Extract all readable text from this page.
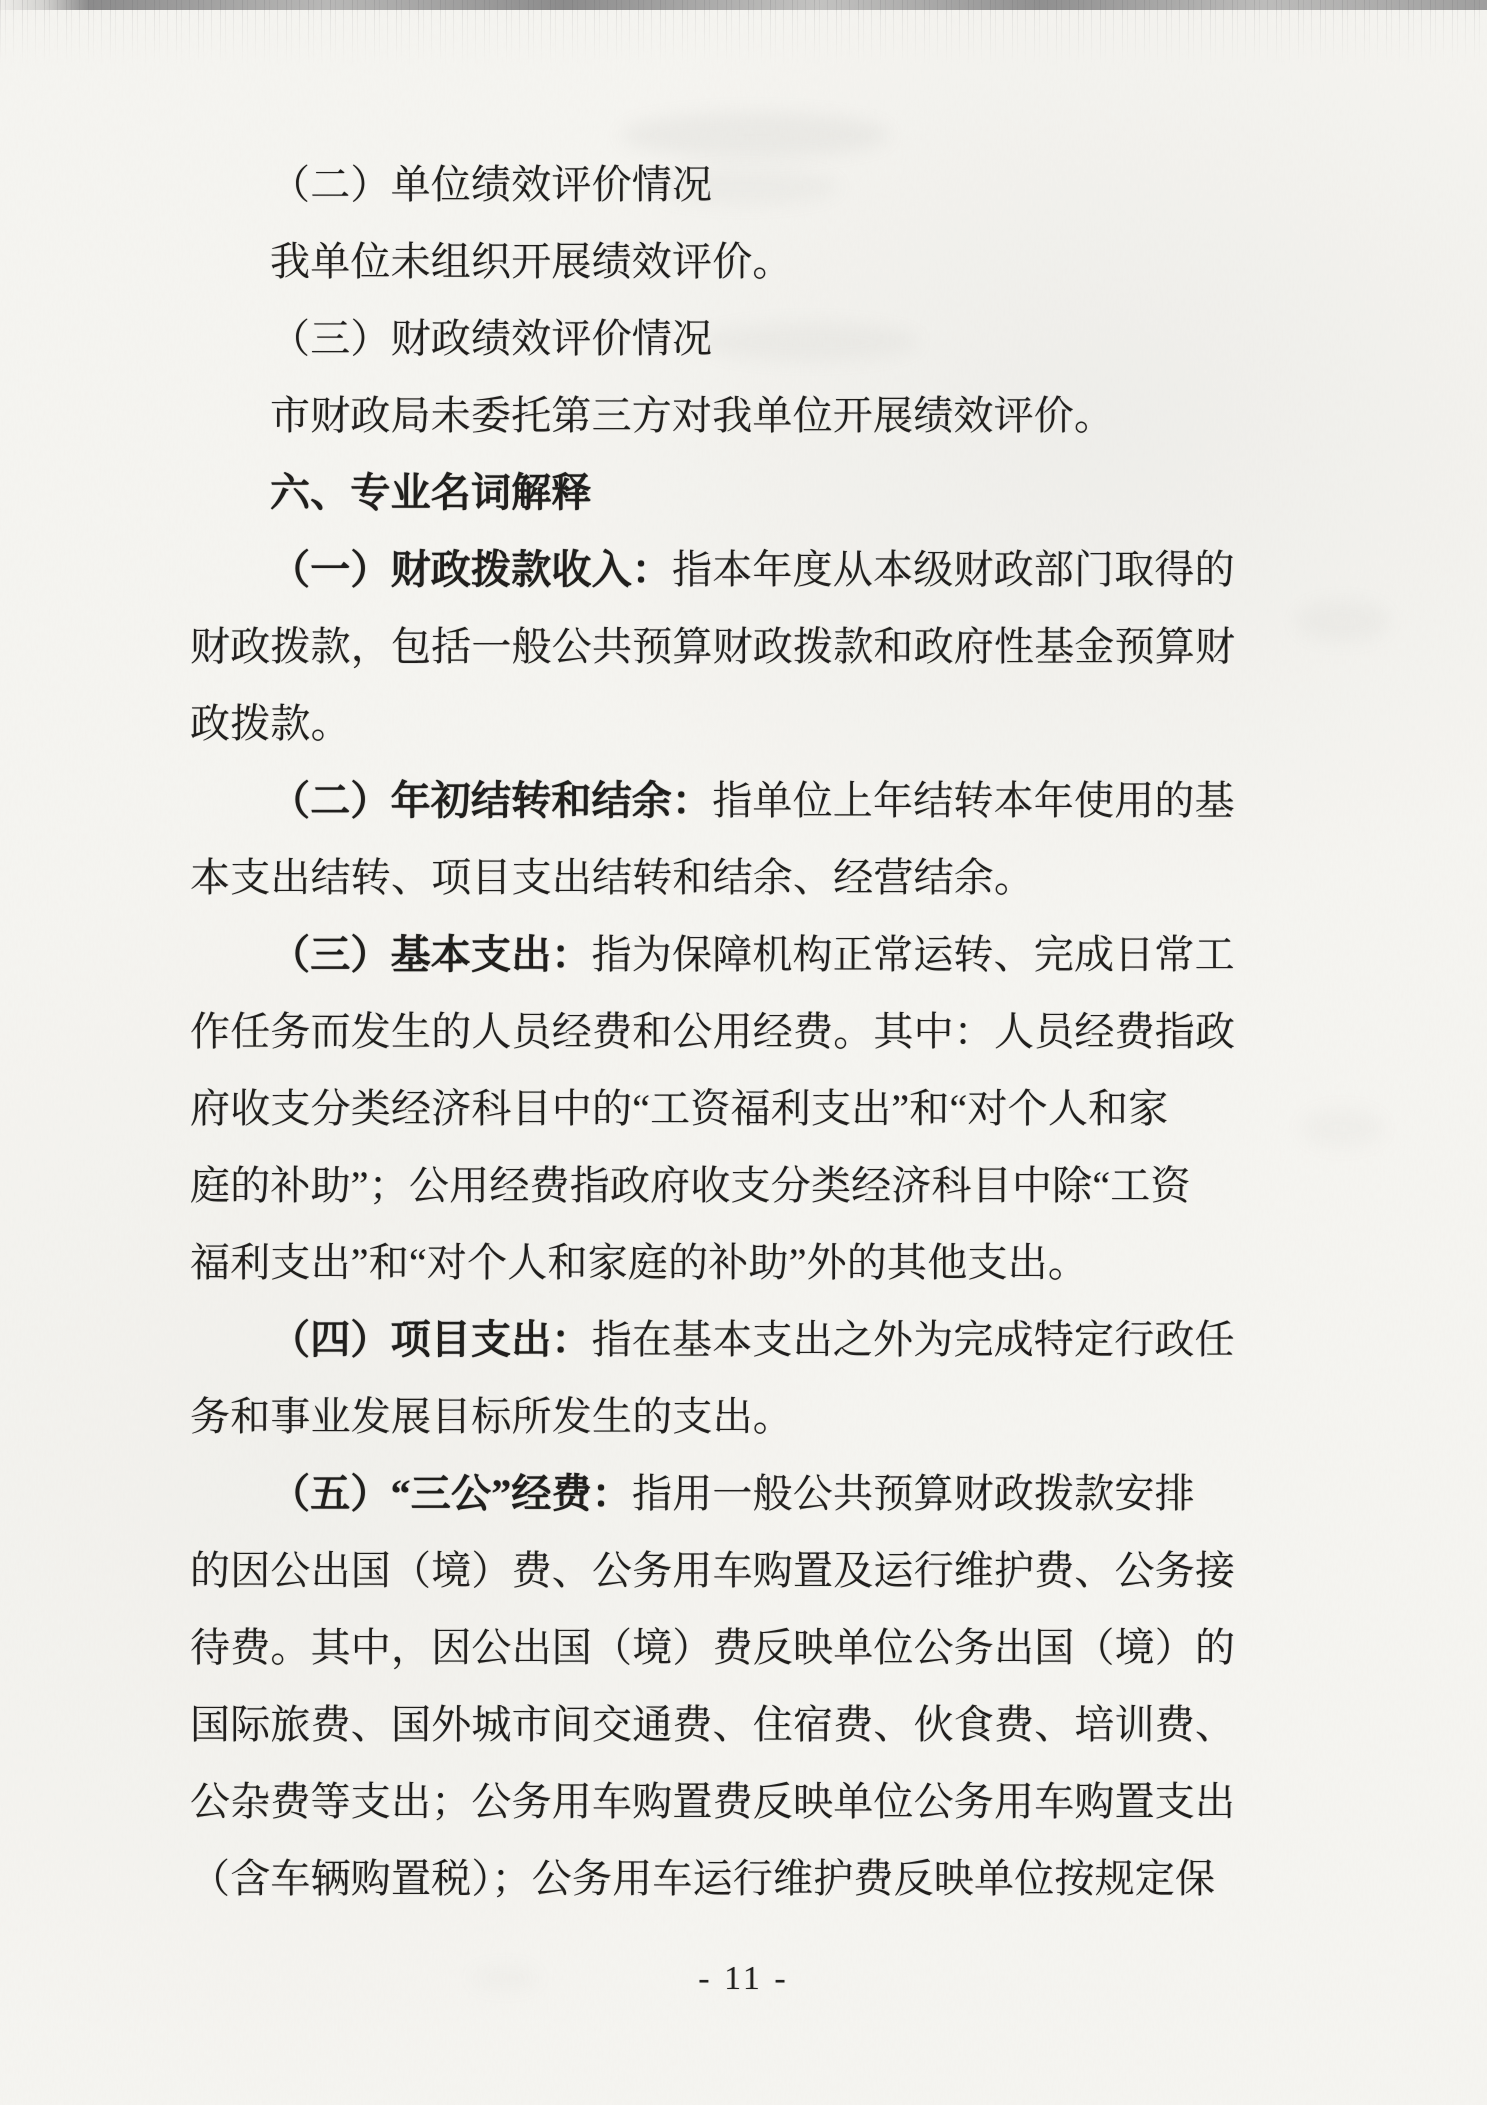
（二）单位绩效评价情况
我单位未组织开展绩效评价。
（三）财政绩效评价情况
市财政局未委托第三方对我单位开展绩效评价。
六、专业名词解释
（一）财政拨款收入：指本年度从本级财政部门取得的
财政拨款，包括一般公共预算财政拨款和政府性基金预算财
政拨款。
（二）年初结转和结余：指单位上年结转本年使用的基
本支出结转、项目支出结转和结余、经营结余。
（三）基本支出：指为保障机构正常运转、完成日常工
作任务而发生的人员经费和公用经费。其中：人员经费指政
府收支分类经济科目中的“工资福利支出”和“对个人和家
庭的补助”；公用经费指政府收支分类经济科目中除“工资
福利支出”和“对个人和家庭的补助”外的其他支出。
（四）项目支出：指在基本支出之外为完成特定行政任
务和事业发展目标所发生的支出。
（五）“三公”经费：指用一般公共预算财政拨款安排
的因公出国（境）费、公务用车购置及运行维护费、公务接
待费。其中，因公出国（境）费反映单位公务出国（境）的
国际旅费、国外城市间交通费、住宿费、伙食费、培训费、
公杂费等支出；公务用车购置费反映单位公务用车购置支出
（含车辆购置税）；公务用车运行维护费反映单位按规定保
- 11 -
